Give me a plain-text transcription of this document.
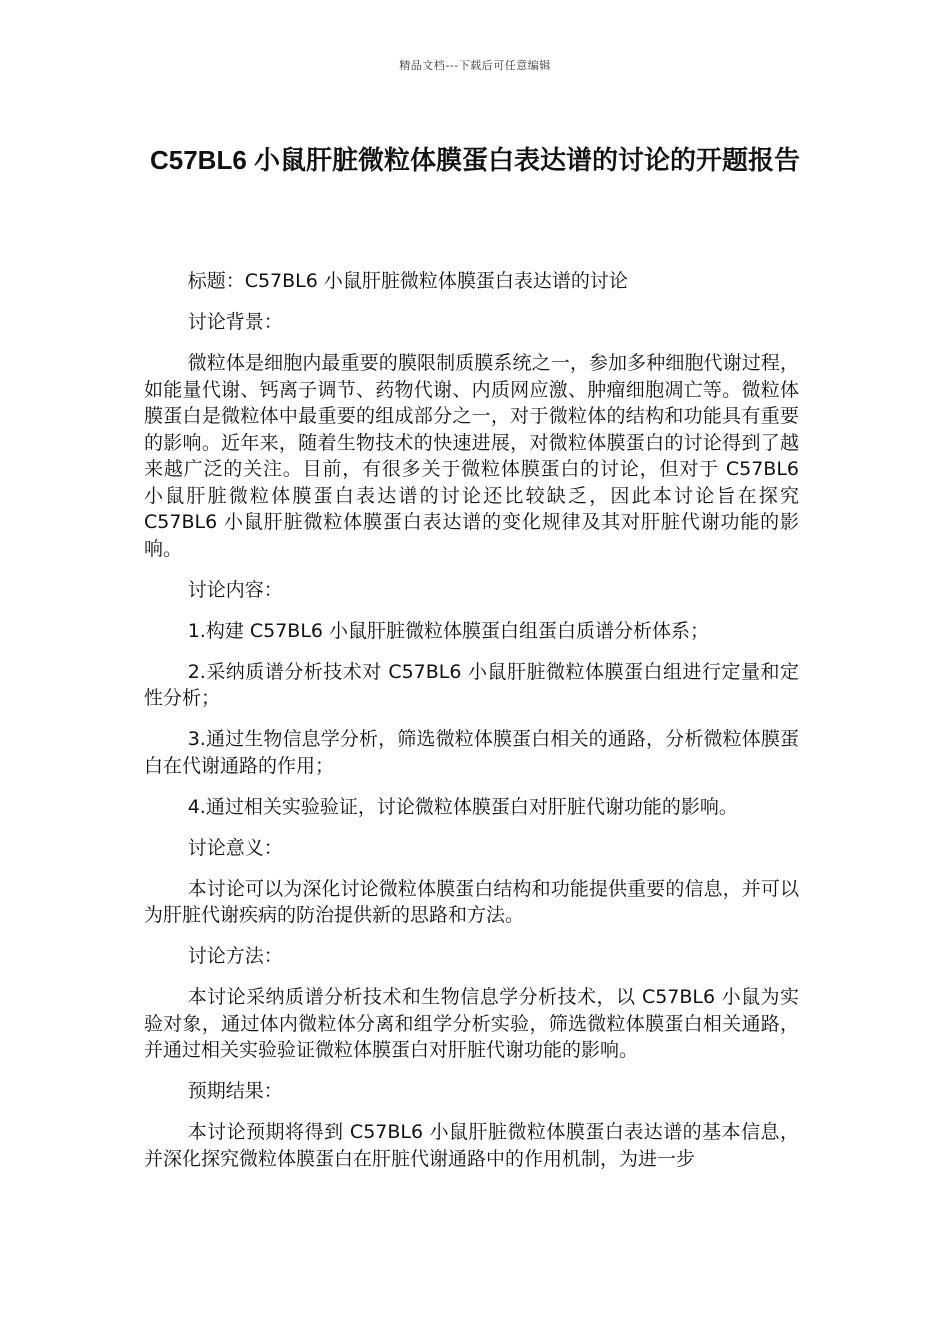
精品文档---下载后可任意编辑
C57BL6 小鼠肝脏微粒体膜蛋白表达谱的讨论的开题报告

标题：C57BL6 小鼠肝脏微粒体膜蛋白表达谱的讨论

讨论背景：

微粒体是细胞内最重要的膜限制质膜系统之一，参加多种细胞代谢过程，如能量代谢、钙离子调节、药物代谢、内质网应激、肿瘤细胞凋亡等。微粒体膜蛋白是微粒体中最重要的组成部分之一，对于微粒体的结构和功能具有重要的影响。近年来，随着生物技术的快速进展，对微粒体膜蛋白的讨论得到了越来越广泛的关注。目前，有很多关于微粒体膜蛋白的讨论，但对于 C57BL6 小鼠肝脏微粒体膜蛋白表达谱的讨论还比较缺乏，因此本讨论旨在探究 C57BL6 小鼠肝脏微粒体膜蛋白表达谱的变化规律及其对肝脏代谢功能的影响。

讨论内容：

1.构建 C57BL6 小鼠肝脏微粒体膜蛋白组蛋白质谱分析体系；

2.采纳质谱分析技术对 C57BL6 小鼠肝脏微粒体膜蛋白组进行定量和定性分析；

3.通过生物信息学分析，筛选微粒体膜蛋白相关的通路，分析微粒体膜蛋白在代谢通路的作用；

4.通过相关实验验证，讨论微粒体膜蛋白对肝脏代谢功能的影响。

讨论意义：

本讨论可以为深化讨论微粒体膜蛋白结构和功能提供重要的信息，并可以为肝脏代谢疾病的防治提供新的思路和方法。

讨论方法：

本讨论采纳质谱分析技术和生物信息学分析技术，以 C57BL6 小鼠为实验对象，通过体内微粒体分离和组学分析实验，筛选微粒体膜蛋白相关通路，并通过相关实验验证微粒体膜蛋白对肝脏代谢功能的影响。

预期结果：

本讨论预期将得到 C57BL6 小鼠肝脏微粒体膜蛋白表达谱的基本信息，并深化探究微粒体膜蛋白在肝脏代谢通路中的作用机制，为进一步
